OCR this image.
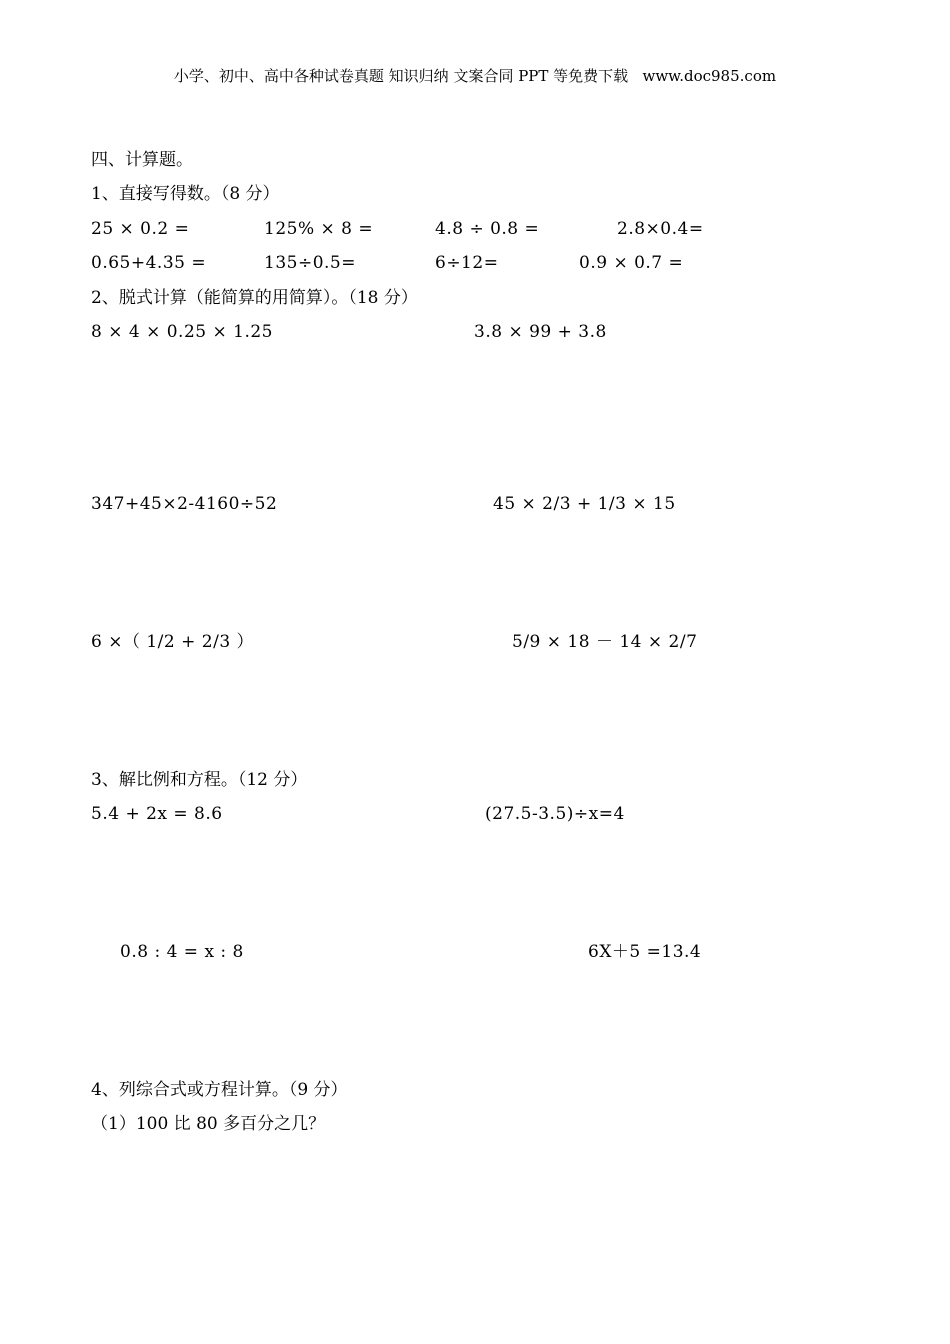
小学、初中、高中各种试卷真题 知识归纳 文案合同 PPT 等免费下载   www.doc985.com
四、计算题。
1、直接写得数。（8 分）
25 × 0.2 =	125% × 8 =	4.8 ÷ 0.8 =	2.8×0.4=
0.65+4.35 =	135÷0.5=	6÷12=	0.9 × 0.7 =
2、脱式计算（能简算的用简算）。（18 分）
8 × 4 × 0.25 × 1.25	3.8 × 99 + 3.8
347+45×2-4160÷52	45 × 2/3 + 1/3 × 15
6 ×（ 1/2 + 2/3 ）	5/9 × 18 － 14 × 2/7
3、解比例和方程。（12 分）
5.4 + 2x = 8.6	(27.5-3.5)÷x=4
0.8 : 4 = x : 8	6X＋5 =13.4
4、列综合式或方程计算。（9 分）
（1）100 比 80 多百分之几？
